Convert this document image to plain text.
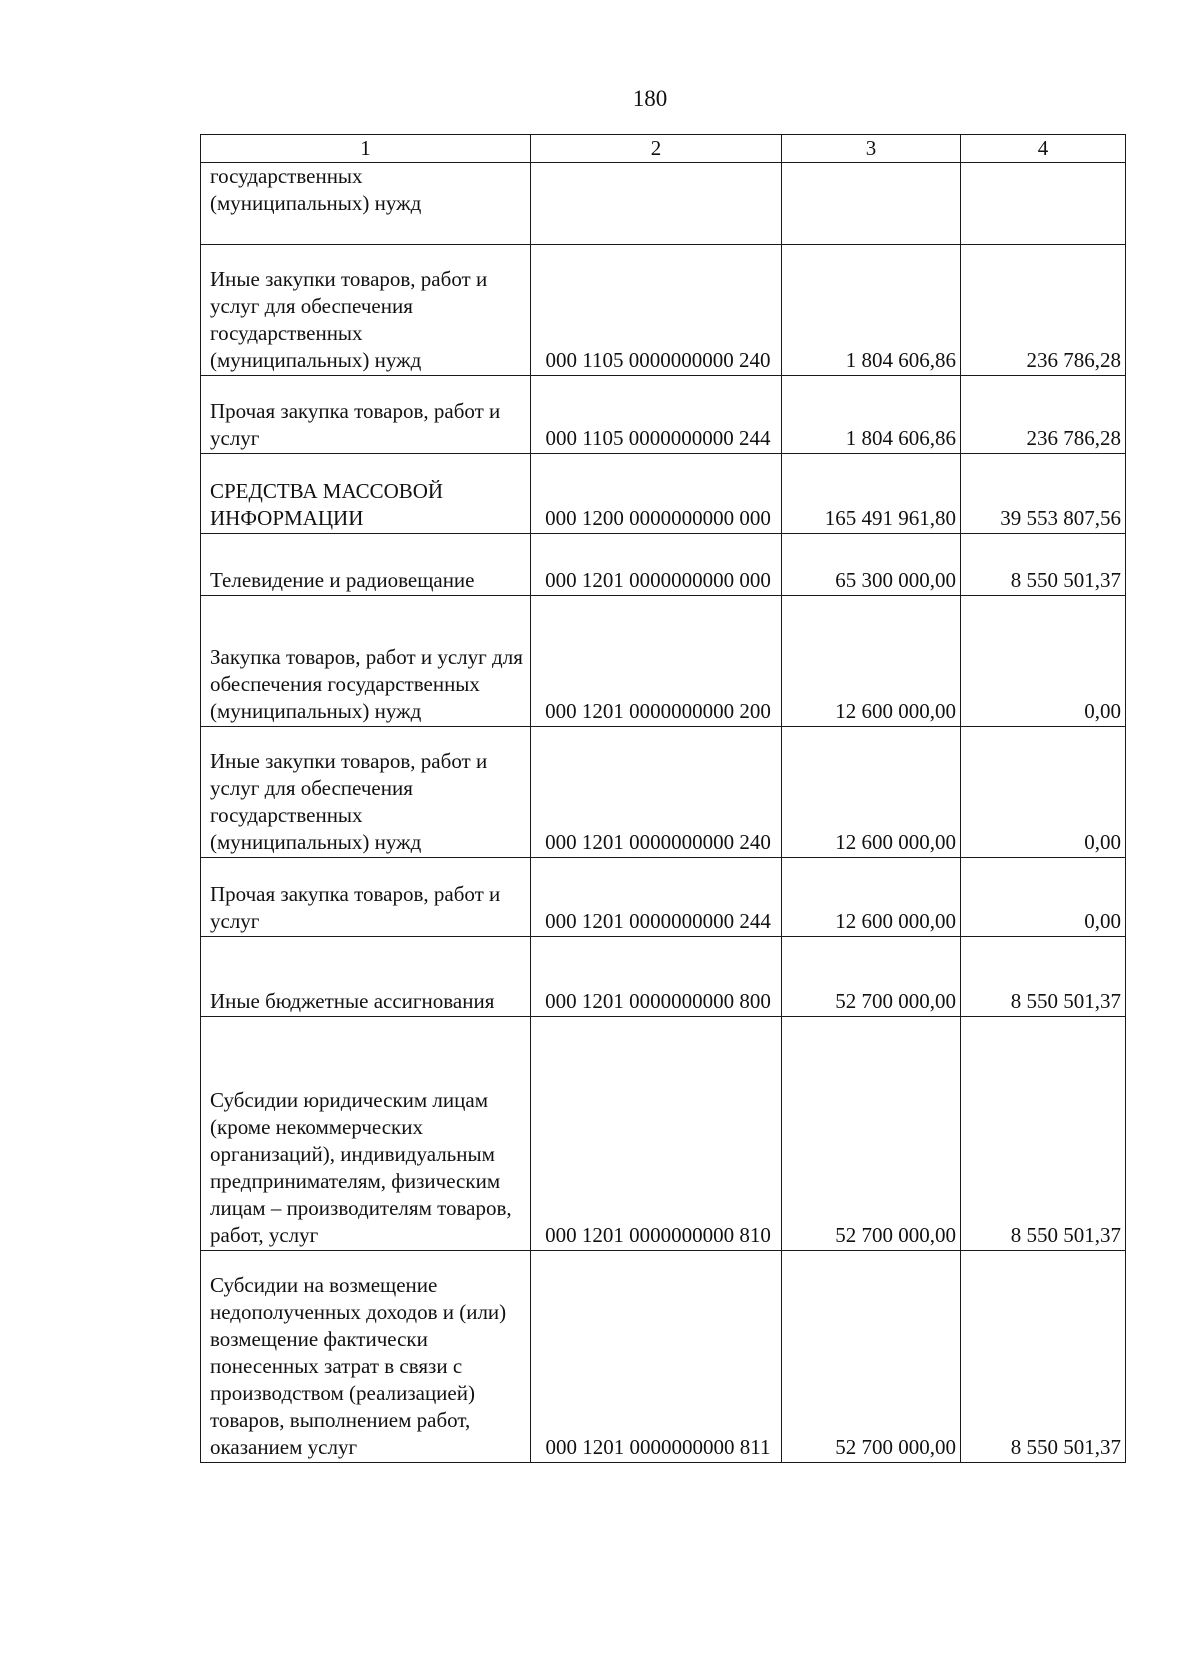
180
1	2	3	4
государственных (муниципальных) нужд			
Иные закупки товаров, работ и услуг для обеспечения государственных (муниципальных) нужд	000 1105 0000000000 240	1 804 606,86	236 786,28
Прочая закупка товаров, работ и услуг	000 1105 0000000000 244	1 804 606,86	236 786,28
СРЕДСТВА МАССОВОЙ ИНФОРМАЦИИ	000 1200 0000000000 000	165 491 961,80	39 553 807,56
Телевидение и радиовещание	000 1201 0000000000 000	65 300 000,00	8 550 501,37
Закупка товаров, работ и услуг для обеспечения государственных (муниципальных) нужд	000 1201 0000000000 200	12 600 000,00	0,00
Иные закупки товаров, работ и услуг для обеспечения государственных (муниципальных) нужд	000 1201 0000000000 240	12 600 000,00	0,00
Прочая закупка товаров, работ и услуг	000 1201 0000000000 244	12 600 000,00	0,00
Иные бюджетные ассигнования	000 1201 0000000000 800	52 700 000,00	8 550 501,37
Субсидии юридическим лицам (кроме некоммерческих организаций), индивидуальным предпринимателям, физическим лицам – производителям товаров, работ, услуг	000 1201 0000000000 810	52 700 000,00	8 550 501,37
Субсидии на возмещение недополученных доходов и (или) возмещение фактически понесенных затрат в связи с производством (реализацией) товаров, выполнением работ, оказанием услуг	000 1201 0000000000 811	52 700 000,00	8 550 501,37
